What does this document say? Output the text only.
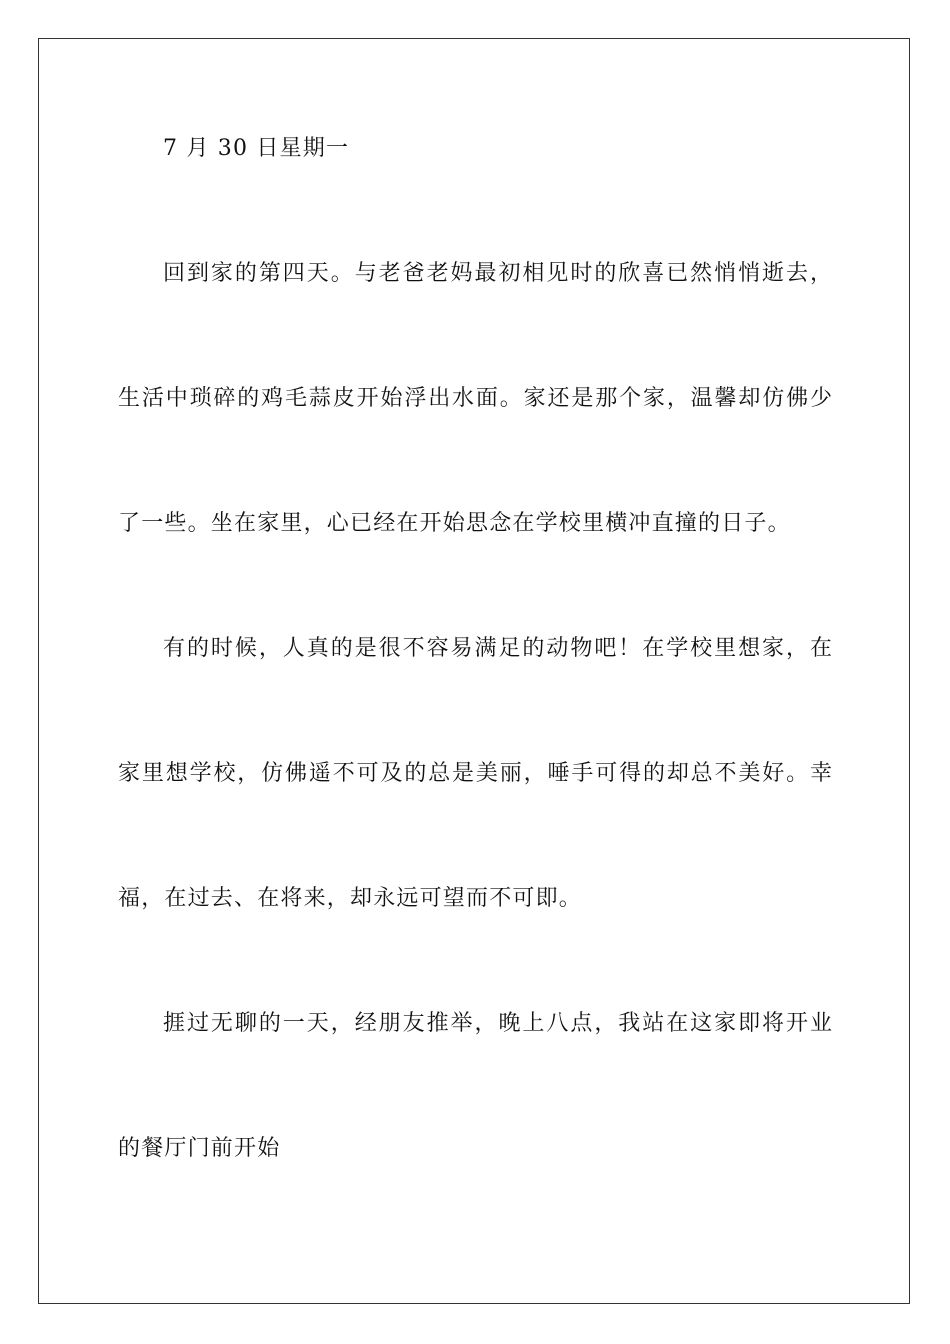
7 月 30 日星期一
回到家的第四天。与老爸老妈最初相见时的欣喜已然悄悄逝去，
生活中琐碎的鸡毛蒜皮开始浮出水面。家还是那个家，温馨却仿佛少
了一些。坐在家里，心已经在开始思念在学校里横冲直撞的日子。
有的时候，人真的是很不容易满足的动物吧！在学校里想家，在
家里想学校，仿佛遥不可及的总是美丽，唾手可得的却总不美好。幸
福，在过去、在将来，却永远可望而不可即。
捱过无聊的一天，经朋友推举，晚上八点，我站在这家即将开业
的餐厅门前开始
